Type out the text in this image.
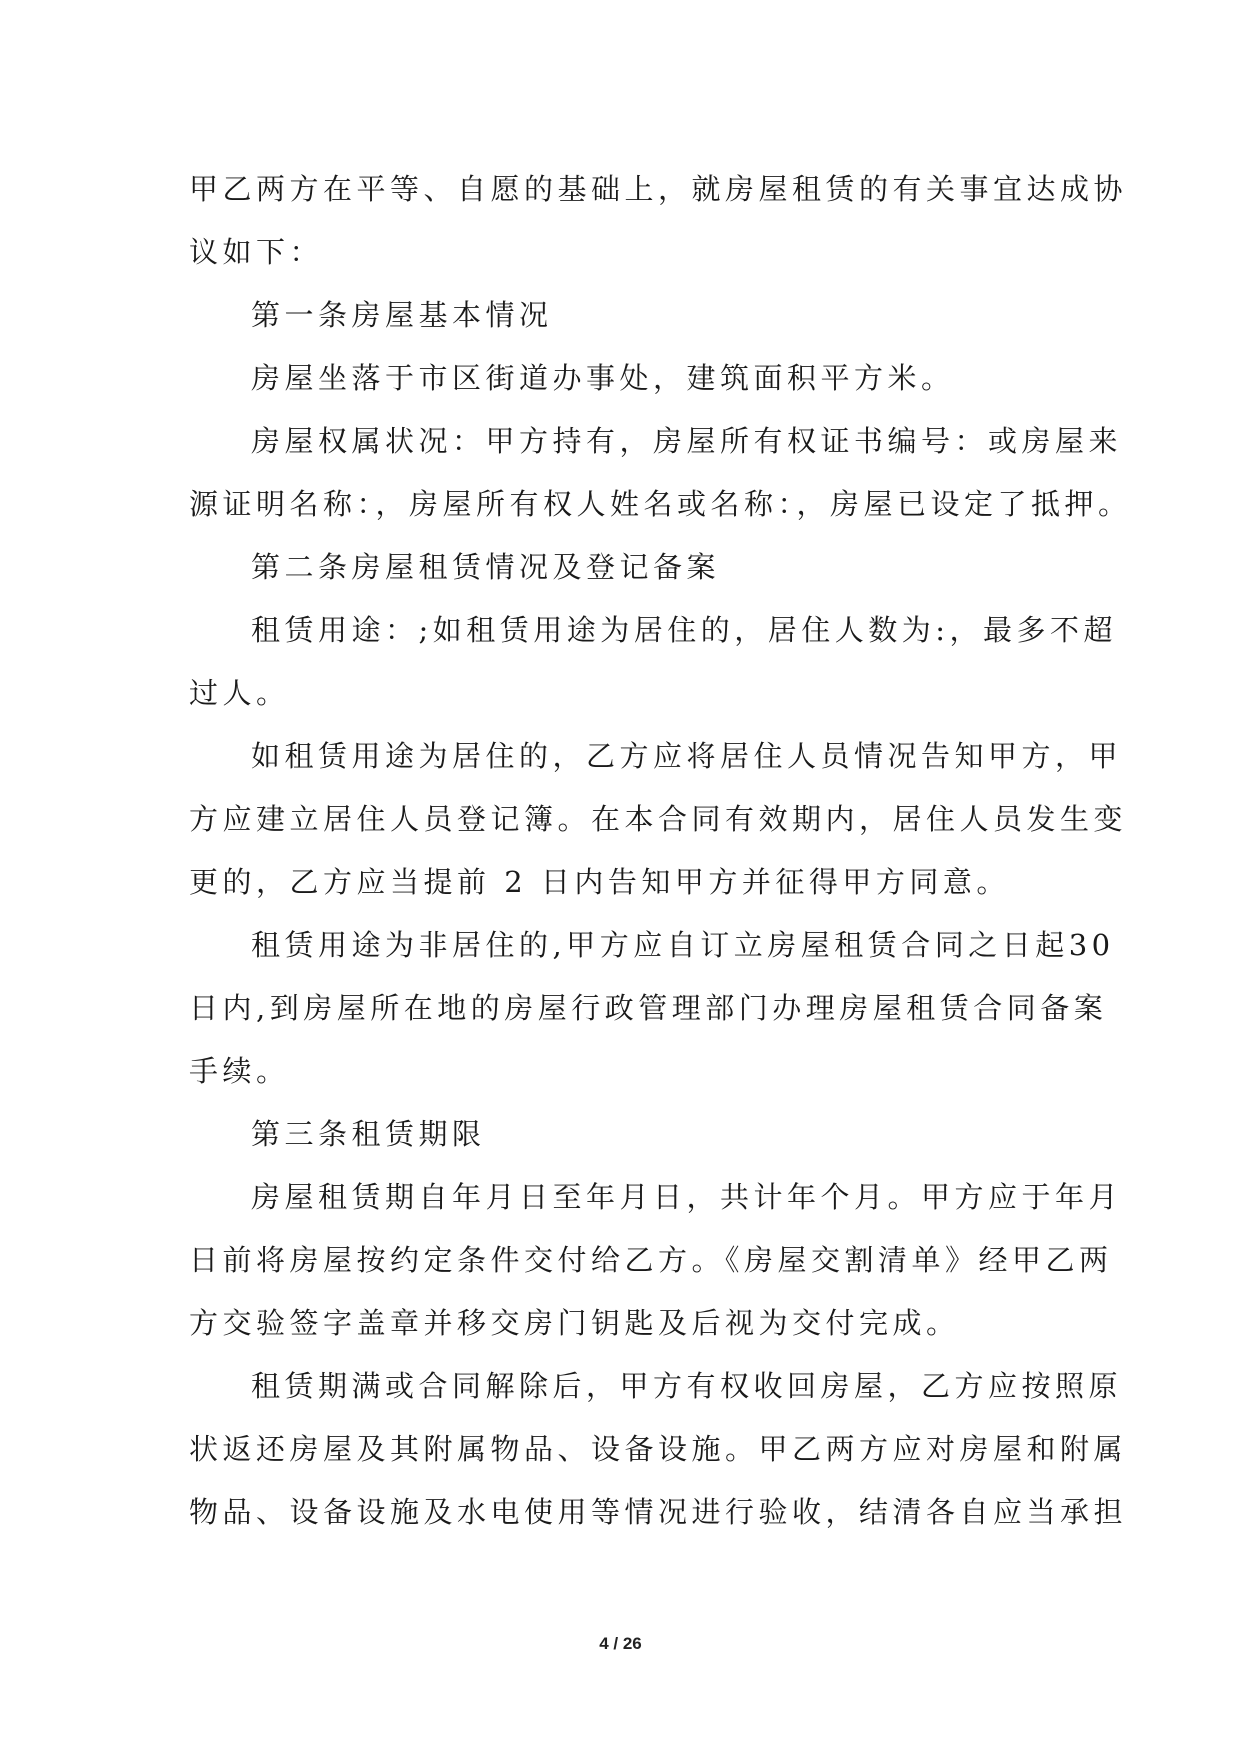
甲乙两方在平等、自愿的基础上，就房屋租赁的有关事宜达成协
议如下：
第一条房屋基本情况
房屋坐落于市区街道办事处，建筑面积平方米。
房屋权属状况：甲方持有，房屋所有权证书编号：或房屋来
源证明名称：，房屋所有权人姓名或名称：，房屋已设定了抵押。
第二条房屋租赁情况及登记备案
租赁用途：;如租赁用途为居住的，居住人数为:，最多不超
过人。
如租赁用途为居住的，乙方应将居住人员情况告知甲方，甲
方应建立居住人员登记簿。在本合同有效期内，居住人员发生变
更的，乙方应当提前 2 日内告知甲方并征得甲方同意。
租赁用途为非居住的,甲方应自订立房屋租赁合同之日起30
日内,到房屋所在地的房屋行政管理部门办理房屋租赁合同备案
手续。
第三条租赁期限
房屋租赁期自年月日至年月日，共计年个月。甲方应于年月
日前将房屋按约定条件交付给乙方。《房屋交割清单》经甲乙两
方交验签字盖章并移交房门钥匙及后视为交付完成。
租赁期满或合同解除后，甲方有权收回房屋，乙方应按照原
状返还房屋及其附属物品、设备设施。甲乙两方应对房屋和附属
物品、设备设施及水电使用等情况进行验收，结清各自应当承担
4 / 26
